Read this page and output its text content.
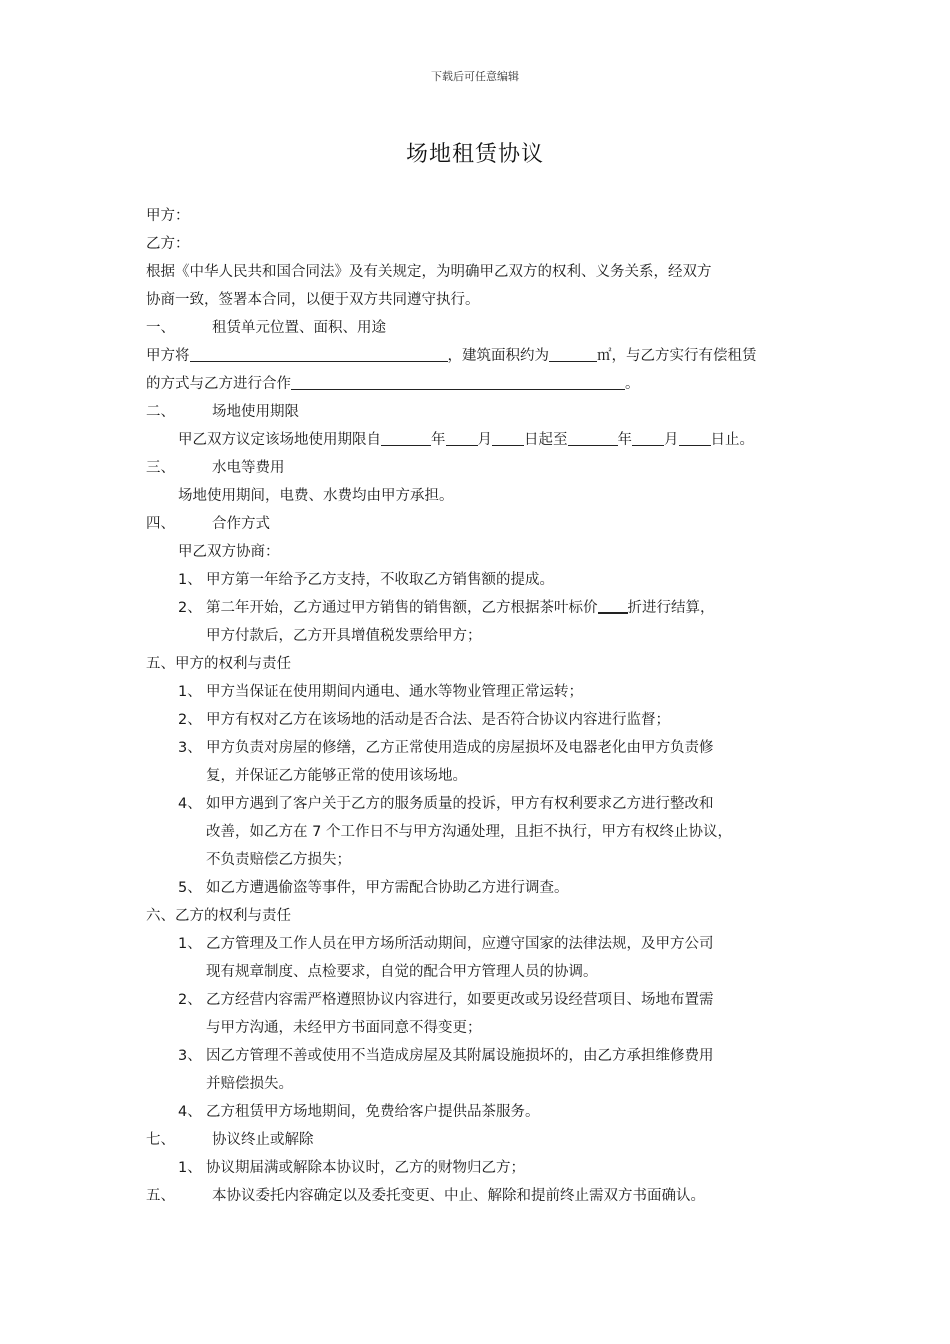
下载后可任意编辑
场地租赁协议
甲方：
乙方：
根据《中华人民共和国合同法》及有关规定，为明确甲乙双方的权利、义务关系，经双方
协商一致，签署本合同，以便于双方共同遵守执行。
一、	租赁单元位置、面积、用途
甲方将	，建筑面积约为	㎡，与乙方实行有偿租赁
的方式与乙方进行合作	。
二、	场地使用期限
甲乙双方议定该场地使用期限自	年 月 日起至	年 月 日止。
三、	水电等费用
场地使用期间，电费、水费均由甲方承担。
四、	合作方式
甲乙双方协商：
1、 甲方第一年给予乙方支持，不收取乙方销售额的提成。
2、 第二年开始，乙方通过甲方销售的销售额，乙方根据茶叶标价 折进行结算，
甲方付款后，乙方开具增值税发票给甲方；
五、甲方的权利与责任
1、 甲方当保证在使用期间内通电、通水等物业管理正常运转；
2、 甲方有权对乙方在该场地的活动是否合法、是否符合协议内容进行监督；
3、 甲方负责对房屋的修缮，乙方正常使用造成的房屋损坏及电器老化由甲方负责修
复，并保证乙方能够正常的使用该场地。
4、 如甲方遇到了客户关于乙方的服务质量的投诉，甲方有权利要求乙方进行整改和
改善，如乙方在 7 个工作日不与甲方沟通处理，且拒不执行，甲方有权终止协议，
不负责赔偿乙方损失；
5、 如乙方遭遇偷盗等事件，甲方需配合协助乙方进行调查。
六、乙方的权利与责任
1、 乙方管理及工作人员在甲方场所活动期间，应遵守国家的法律法规，及甲方公司
现有规章制度、点检要求，自觉的配合甲方管理人员的协调。
2、 乙方经营内容需严格遵照协议内容进行，如要更改或另设经营项目、场地布置需
与甲方沟通，未经甲方书面同意不得变更；
3、 因乙方管理不善或使用不当造成房屋及其附属设施损坏的，由乙方承担维修费用
并赔偿损失。
4、 乙方租赁甲方场地期间，免费给客户提供品茶服务。
七、	协议终止或解除
1、 协议期届满或解除本协议时，乙方的财物归乙方；
五、	本协议委托内容确定以及委托变更、中止、解除和提前终止需双方书面确认。
